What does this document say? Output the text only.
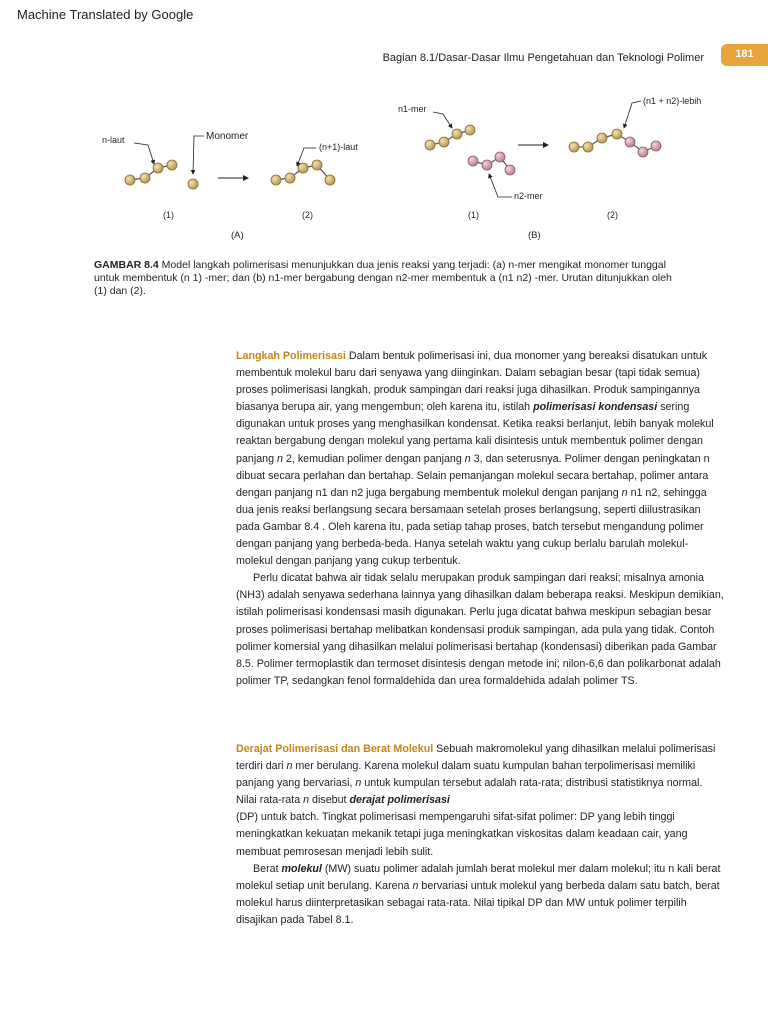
Machine Translated by Google
Bagian 8.1/Dasar-Dasar Ilmu Pengetahuan dan Teknologi Polimer	181
n-laut	Monomer
(n+1)-laut
(1)	(2)
(A)
n1-mer
n2-mer
(n1 + n2)-lebih
(1)	(2)
(B)
GAMBAR 8.4 Model langkah polimerisasi menunjukkan dua jenis reaksi yang terjadi: (a) n-mer mengikat monomer tunggal untuk membentuk (n 1) -mer; dan (b) n1-mer bergabung dengan n2-mer membentuk a (n1 n2) -mer. Urutan ditunjukkan oleh (1) dan (2).

Langkah Polimerisasi Dalam bentuk polimerisasi ini, dua monomer yang bereaksi disatukan untuk membentuk molekul baru dari senyawa yang diinginkan. Dalam sebagian besar (tapi tidak semua) proses polimerisasi langkah, produk sampingan dari reaksi juga dihasilkan. Produk sampingannya biasanya berupa air, yang mengembun; oleh karena itu, istilah polimerisasi kondensasi sering digunakan untuk proses yang menghasilkan kondensat. Ketika reaksi berlanjut, lebih banyak molekul reaktan bergabung dengan molekul yang pertama kali disintesis untuk membentuk polimer dengan panjang n 2, kemudian polimer dengan panjang n 3, dan seterusnya. Polimer dengan peningkatan n dibuat secara perlahan dan bertahap. Selain pemanjangan molekul secara bertahap, polimer antara dengan panjang n1 dan n2 juga bergabung membentuk molekul dengan panjang n n1 n2, sehingga dua jenis reaksi berlangsung secara bersamaan setelah proses berlangsung, seperti diilustrasikan pada Gambar 8.4 . Oleh karena itu, pada setiap tahap proses, batch tersebut mengandung polimer dengan panjang yang berbeda-beda. Hanya setelah waktu yang cukup berlalu barulah molekul-molekul dengan panjang yang cukup terbentuk.

Perlu dicatat bahwa air tidak selalu merupakan produk sampingan dari reaksi; misalnya amonia (NH3) adalah senyawa sederhana lainnya yang dihasilkan dalam beberapa reaksi. Meskipun demikian, istilah polimerisasi kondensasi masih digunakan. Perlu juga dicatat bahwa meskipun sebagian besar proses polimerisasi bertahap melibatkan kondensasi produk sampingan, ada pula yang tidak. Contoh polimer komersial yang dihasilkan melalui polimerisasi bertahap (kondensasi) diberikan pada Gambar 8.5. Polimer termoplastik dan termoset disintesis dengan metode ini; nilon-6,6 dan polikarbonat adalah polimer TP, sedangkan fenol formaldehida dan urea formaldehida adalah polimer TS.

Derajat Polimerisasi dan Berat Molekul Sebuah makromolekul yang dihasilkan melalui polimerisasi terdiri dari n mer berulang. Karena molekul dalam suatu kumpulan bahan terpolimerisasi memiliki panjang yang bervariasi, n untuk kumpulan tersebut adalah rata-rata; distribusi statistiknya normal. Nilai rata-rata n disebut derajat polimerisasi
(DP) untuk batch. Tingkat polimerisasi mempengaruhi sifat-sifat polimer: DP yang lebih tinggi meningkatkan kekuatan mekanik tetapi juga meningkatkan viskositas dalam keadaan cair, yang membuat pemrosesan menjadi lebih sulit.

Berat molekul (MW) suatu polimer adalah jumlah berat molekul mer dalam molekul; itu n kali berat molekul setiap unit berulang. Karena n bervariasi untuk molekul yang berbeda dalam satu batch, berat molekul harus diinterpretasikan sebagai rata-rata. Nilai tipikal DP dan MW untuk polimer terpilih disajikan pada Tabel 8.1.
